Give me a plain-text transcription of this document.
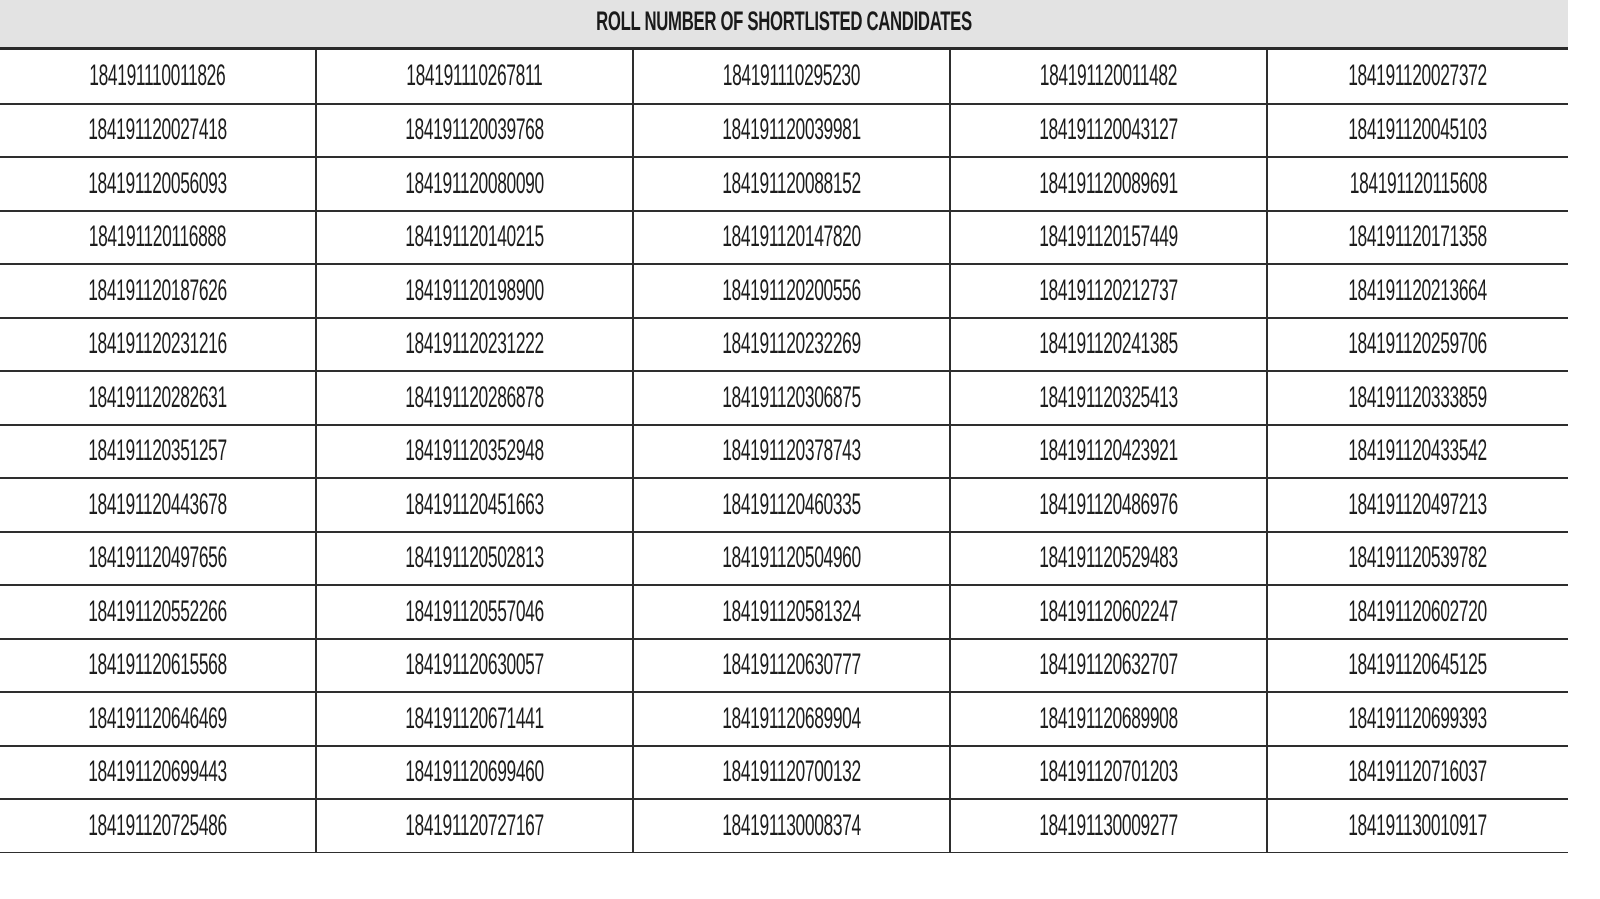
ROLL NUMBER OF SHORTLISTED CANDIDATES
184191110011826	184191110267811	184191110295230	184191120011482	184191120027372
184191120027418	184191120039768	184191120039981	184191120043127	184191120045103
184191120056093	184191120080090	184191120088152	184191120089691	184191120115608
184191120116888	184191120140215	184191120147820	184191120157449	184191120171358
184191120187626	184191120198900	184191120200556	184191120212737	184191120213664
184191120231216	184191120231222	184191120232269	184191120241385	184191120259706
184191120282631	184191120286878	184191120306875	184191120325413	184191120333859
184191120351257	184191120352948	184191120378743	184191120423921	184191120433542
184191120443678	184191120451663	184191120460335	184191120486976	184191120497213
184191120497656	184191120502813	184191120504960	184191120529483	184191120539782
184191120552266	184191120557046	184191120581324	184191120602247	184191120602720
184191120615568	184191120630057	184191120630777	184191120632707	184191120645125
184191120646469	184191120671441	184191120689904	184191120689908	184191120699393
184191120699443	184191120699460	184191120700132	184191120701203	184191120716037
184191120725486	184191120727167	184191130008374	184191130009277	184191130010917
